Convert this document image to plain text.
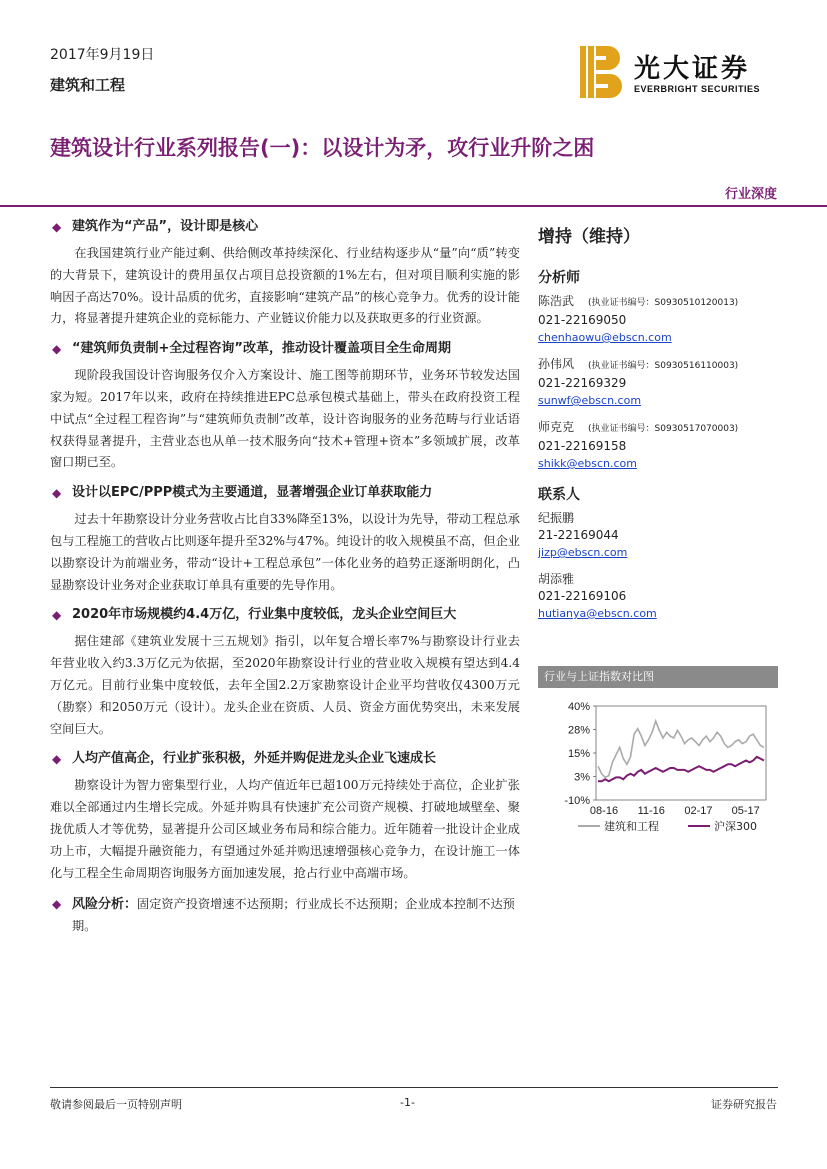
2017年9月19日
建筑和工程
光大证券
EVERBRIGHT SECURITIES
建筑设计行业系列报告(一)：以设计为矛，攻行业升阶之困
行业深度
◆ 建筑作为“产品”，设计即是核心

在我国建筑行业产能过剩、供给侧改革持续深化、行业结构逐步从“量”向“质”转变的大背景下，建筑设计的费用虽仅占项目总投资额的1%左右，但对项目顺利实施的影响因子高达70%。设计品质的优劣，直接影响“建筑产品”的核心竞争力。优秀的设计能力，将显著提升建筑企业的竞标能力、产业链议价能力以及获取更多的行业资源。

◆ “建筑师负责制+全过程咨询”改革，推动设计覆盖项目全生命周期

现阶段我国设计咨询服务仅介入方案设计、施工图等前期环节，业务环节较发达国家为短。2017年以来，政府在持续推进EPC总承包模式基础上，带头在政府投资工程中试点“全过程工程咨询”与“建筑师负责制”改革，设计咨询服务的业务范畴与行业话语权获得显著提升，主营业态也从单一技术服务向“技术+管理+资本”多领域扩展，改革窗口期已至。

◆ 设计以EPC/PPP模式为主要通道，显著增强企业订单获取能力

过去十年勘察设计分业务营收占比自33%降至13%，以设计为先导，带动工程总承包与工程施工的营收占比则逐年提升至32%与47%。纯设计的收入规模虽不高，但企业以勘察设计为前端业务，带动“设计+工程总承包”一体化业务的趋势正逐渐明朗化，凸显勘察设计业务对企业获取订单具有重要的先导作用。

◆ 2020年市场规模约4.4万亿，行业集中度较低，龙头企业空间巨大

据住建部《建筑业发展十三五规划》指引，以年复合增长率7%与勘察设计行业去年营业收入约3.3万亿元为依据，至2020年勘察设计行业的营业收入规模有望达到4.4万亿元。目前行业集中度较低，去年全国2.2万家勘察设计企业平均营收仅4300万元（勘察）和2050万元（设计）。龙头企业在资质、人员、资金方面优势突出，未来发展空间巨大。

◆ 人均产值高企，行业扩张积极，外延并购促进龙头企业飞速成长

勘察设计为智力密集型行业，人均产值近年已超100万元持续处于高位，企业扩张难以全部通过内生增长完成。外延并购具有快速扩充公司资产规模、打破地域壁垒、聚拢优质人才等优势，显著提升公司区域业务布局和综合能力。近年随着一批设计企业成功上市，大幅提升融资能力，有望通过外延并购迅速增强核心竞争力，在设计施工一体化与工程全生命周期咨询服务方面加速发展，抢占行业中高端市场。

◆ 风险分析：固定资产投资增速不达预期；行业成长不达预期；企业成本控制不达预期。

增持（维持）
分析师
陈浩武 (执业证书编号：S0930510120013)
021-22169050
chenhaowu@ebscn.com
孙伟风 (执业证书编号：S0930516110003)
021-22169329
sunwf@ebscn.com
师克克 (执业证书编号：S0930517070003)
021-22169158
shikk@ebscn.com
联系人
纪振鹏
21-22169044
jizp@ebscn.com
胡添雅
021-22169106
hutianya@ebscn.com
行业与上证指数对比图
40%
28%
15%
3%
-10%
08-16 11-16 02-17 05-17
建筑和工程	沪深300
敬请参阅最后一页特别声明	-1-	证券研究报告
